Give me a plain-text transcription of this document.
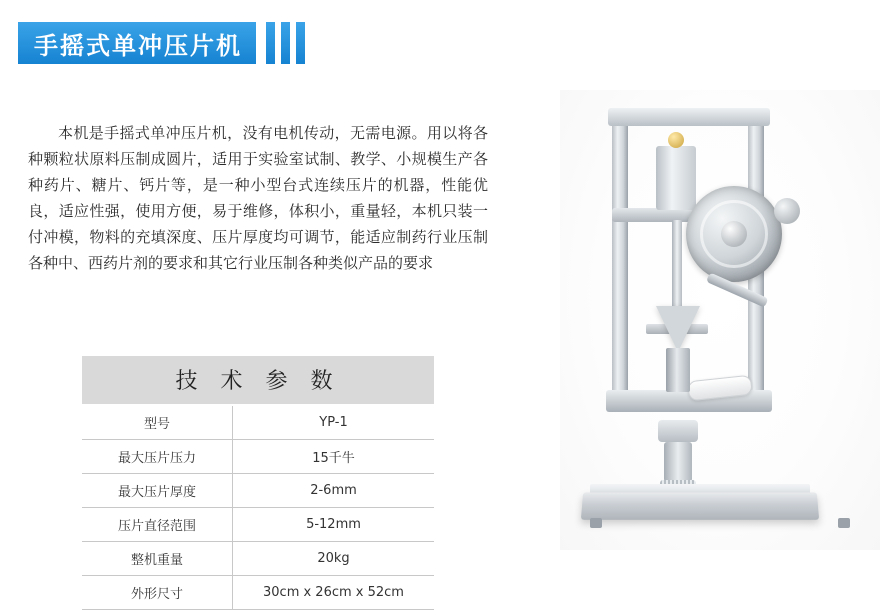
手摇式单冲压片机
本机是手摇式单冲压片机，没有电机传动，无需电源。用以将各种颗粒状原料压制成圆片，适用于实验室试制、教学、小规模生产各种药片、糖片、钙片等，是一种小型台式连续压片的机器，性能优良，适应性强，使用方便，易于维修，体积小，重量轻，本机只装一付冲模，物料的充填深度、压片厚度均可调节，能适应制药行业压制各种中、西药片剂的要求和其它行业压制各种类似产品的要求
技 术 参 数	
型号	YP-1
最大压片压力	15千牛
最大压片厚度	2-6mm
压片直径范围	5-12mm
整机重量	20kg
外形尺寸	30cm x 26cm x 52cm
